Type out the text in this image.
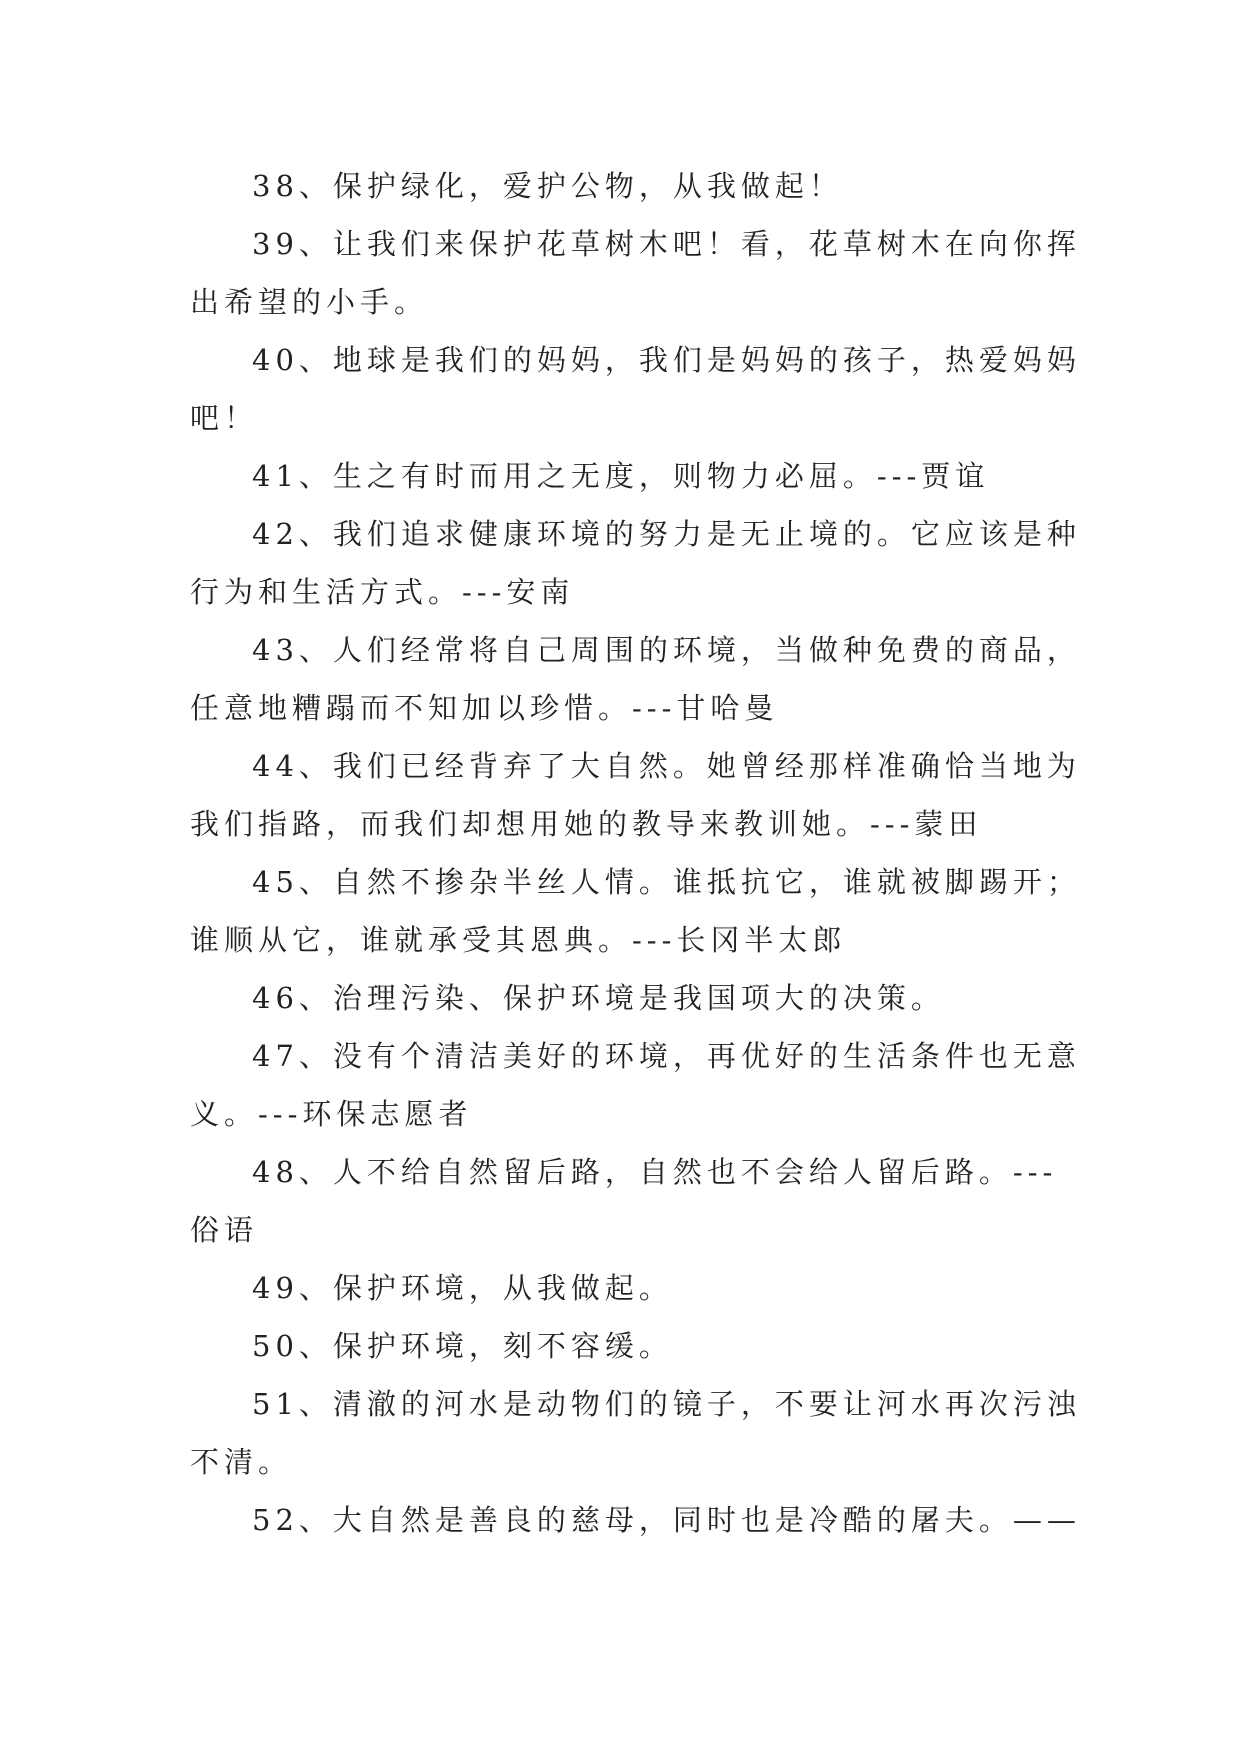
38、保护绿化，爱护公物，从我做起！
39、让我们来保护花草树木吧！看，花草树木在向你挥
出希望的小手。
40、地球是我们的妈妈，我们是妈妈的孩子，热爱妈妈
吧！
41、生之有时而用之无度，则物力必屈。---贾谊
42、我们追求健康环境的努力是无止境的。它应该是种
行为和生活方式。---安南
43、人们经常将自己周围的环境，当做种免费的商品，
任意地糟蹋而不知加以珍惜。---甘哈曼
44、我们已经背弃了大自然。她曾经那样准确恰当地为
我们指路，而我们却想用她的教导来教训她。---蒙田
45、自然不掺杂半丝人情。谁抵抗它，谁就被脚踢开；
谁顺从它，谁就承受其恩典。---长冈半太郎
46、治理污染、保护环境是我国项大的决策。
47、没有个清洁美好的环境，再优好的生活条件也无意
义。---环保志愿者
48、人不给自然留后路，自然也不会给人留后路。---
俗语
49、保护环境，从我做起。
50、保护环境，刻不容缓。
51、清澈的河水是动物们的镜子，不要让河水再次污浊
不清。
52、大自然是善良的慈母，同时也是冷酷的屠夫。——
